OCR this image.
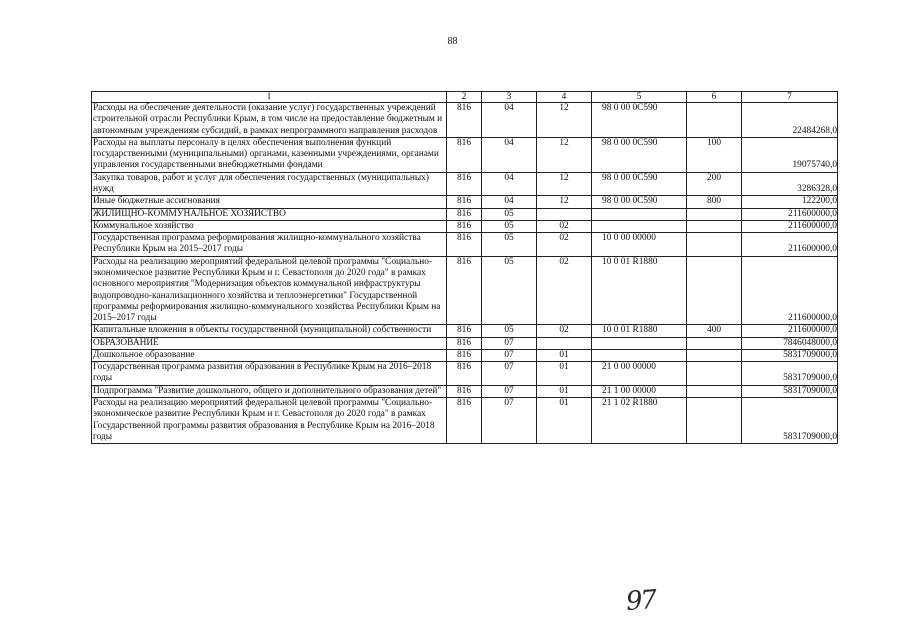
88
1	2	3	4	5	6	7
Расходы на обеспечение деятельности (оказание услуг) государственных учреждений строительной отрасли Республики Крым, в том числе на предоставление бюджетным и автономным учреждениям субсидий, в рамках непрограммного направления расходов	816	04	12	98 0 00 0С590		22484268,0
Расходы на выплаты персоналу в целях обеспечения выполнения функций государственными (муниципальными) органами, казенными учреждениями, органами управления государственными внебюджетными фондами	816	04	12	98 0 00 0С590	100	19075740,0
Закупка товаров, работ и услуг для обеспечения государственных (муниципальных) нужд	816	04	12	98 0 00 0С590	200	3286328,0
Иные бюджетные ассигнования	816	04	12	98 0 00 0С590	800	122200,0
ЖИЛИЩНО-КОММУНАЛЬНОЕ ХОЗЯЙСТВО	816	05				211600000,0
Коммунальное хозяйство	816	05	02			211600000,0
Государственная программа реформирования жилищно-коммунального хозяйства Республики Крым на 2015–2017 годы	816	05	02	10 0 00 00000		211600000,0
Расходы на реализацию мероприятий федеральной целевой программы "Социально-экономическое развитие Республики Крым и г. Севастополя до 2020 года" в рамках основного мероприятия "Модернизация объектов коммунальной инфраструктуры водопроводно-канализационного хозяйства и теплоэнергетики" Государственной программы реформирования жилищно-коммунального хозяйства Республики Крым на 2015–2017 годы	816	05	02	10 0 01 R1880		211600000,0
Капитальные вложения в объекты государственной (муниципальной) собственности	816	05	02	10 0 01 R1880	400	211600000,0
ОБРАЗОВАНИЕ	816	07				7846048000,0
Дошкольное образование	816	07	01			5831709000,0
Государственная программа развития образования в Республике Крым на 2016–2018 годы	816	07	01	21 0 00 00000		5831709000,0
Подпрограмма "Развитие дошкольного, общего и дополнительного образования детей"	816	07	01	21 1 00 00000		5831709000,0
Расходы на реализацию мероприятий федеральной целевой программы "Социально-экономическое развитие Республики Крым и г. Севастополя до 2020 года" в рамках Государственной программы развития образования в Республике Крым на 2016–2018 годы	816	07	01	21 1 02 R1880		5831709000,0
97
